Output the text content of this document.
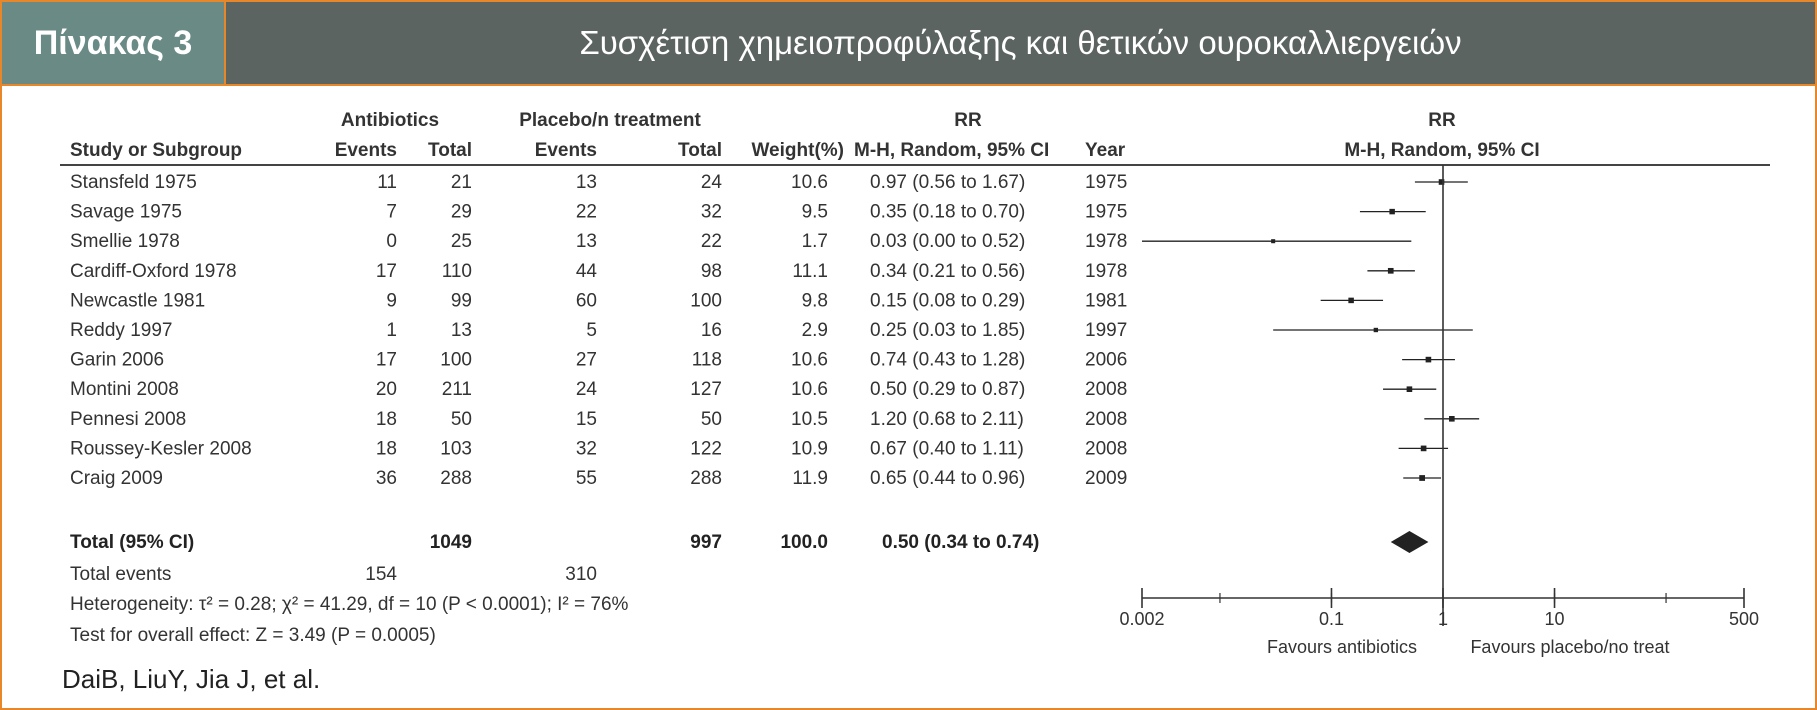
Πίνακας 3	Συσχέτιση χημειοπροφύλαξης και θετικών ουροκαλλιεργειών
Antibiotics	Placebo/n treatment	RR	RR
Study or Subgroup	Events Total	Events	Total Weight(%) M-H, Random, 95% CI Year	M-H, Random, 95% CI
Stansfeld 1975	11	21	13	24	10.6 0.97 (0.56 to 1.67)	1975
Savage 1975	7	29	22	32	9.5 0.35 (0.18 to 0.70)	1975
Smellie 1978	0	25	13	22	1.7 0.03 (0.00 to 0.52)	1978
Cardiff-Oxford 1978	17 110	44	98	11.1 0.34 (0.21 to 0.56)	1978
Newcastle 1981	9	99	60	100	9.8 0.15 (0.08 to 0.29)	1981
Reddy 1997	1	13	5	16	2.9 0.25 (0.03 to 1.85)	1997
Garin 2006	17 100	27	118	10.6 0.74 (0.43 to 1.28)	2006
Montini 2008	20 211	24	127	10.6 0.50 (0.29 to 0.87)	2008
Pennesi 2008	18	50	15	50	10.5 1.20 (0.68 to 2.11)	2008
Roussey-Kesler 2008	18 103	32	122	10.9 0.67 (0.40 to 1.11)	2008
Craig 2009	36 288	55	288	11.9 0.65 (0.44 to 0.96)	2009
Total (95% CI)	1049	997	100.0	0.50 (0.34 to 0.74)
Total events	154	310
Heterogeneity: τ² = 0.28; χ² = 41.29, df = 10 (P < 0.0001); I² = 76%
Test for overall effect: Z = 3.49 (P = 0.0005)
0.002	0.1	1	10	500
Favours antibiotics	Favours placebo/no treat
DaiB, LiuY, Jia J, et al.
